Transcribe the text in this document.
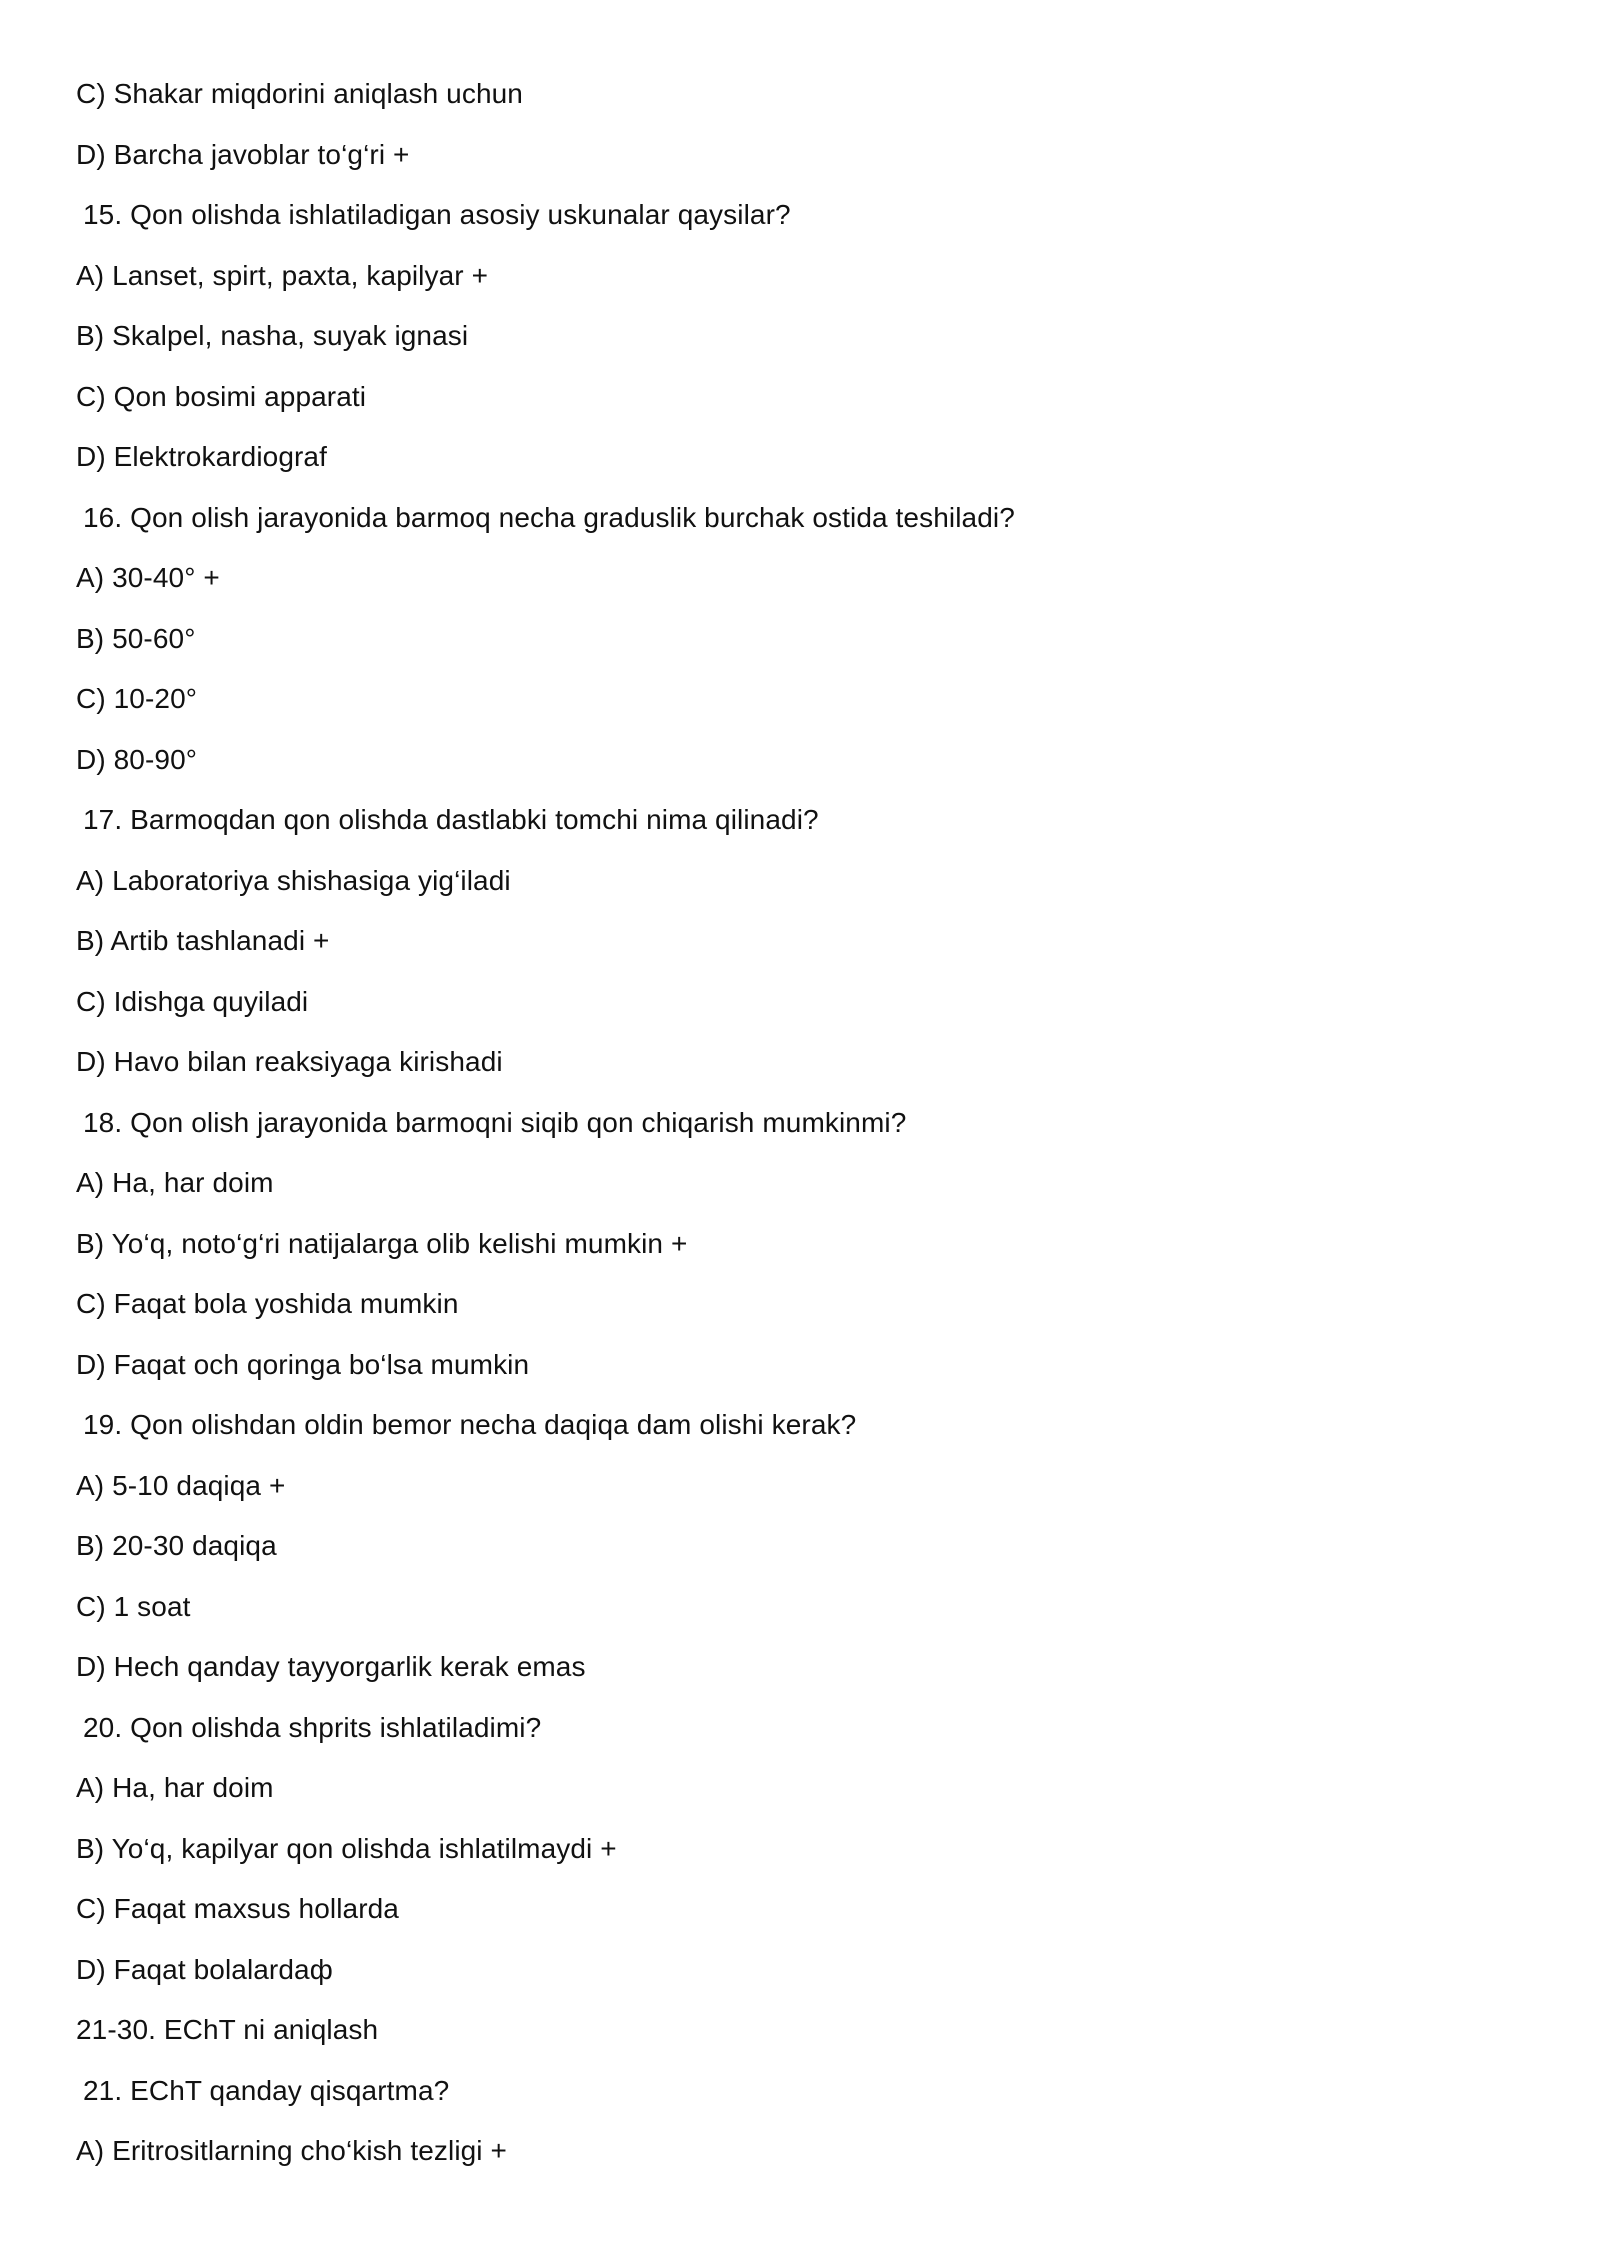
C) Shakar miqdorini aniqlash uchun
D) Barcha javoblar to‘g‘ri +
15. Qon olishda ishlatiladigan asosiy uskunalar qaysilar?
A) Lanset, spirt, paxta, kapilyar +
B) Skalpel, nasha, suyak ignasi
C) Qon bosimi apparati
D) Elektrokardiograf
16. Qon olish jarayonida barmoq necha graduslik burchak ostida teshiladi?
A) 30-40° +
B) 50-60°
C) 10-20°
D) 80-90°
17. Barmoqdan qon olishda dastlabki tomchi nima qilinadi?
A) Laboratoriya shishasiga yig‘iladi
B) Artib tashlanadi +
C) Idishga quyiladi
D) Havo bilan reaksiyaga kirishadi
18. Qon olish jarayonida barmoqni siqib qon chiqarish mumkinmi?
A) Ha, har doim
B) Yo‘q, noto‘g‘ri natijalarga olib kelishi mumkin +
C) Faqat bola yoshida mumkin
D) Faqat och qoringa bo‘lsa mumkin
19. Qon olishdan oldin bemor necha daqiqa dam olishi kerak?
A) 5-10 daqiqa +
B) 20-30 daqiqa
C) 1 soat
D) Hech qanday tayyorgarlik kerak emas
20. Qon olishda shprits ishlatiladimi?
A) Ha, har doim
B) Yo‘q, kapilyar qon olishda ishlatilmaydi +
C) Faqat maxsus hollarda
D) Faqat bolalardaф
21-30. EChT ni aniqlash
21. EChT qanday qisqartma?
A) Eritrositlarning cho‘kish tezligi +
